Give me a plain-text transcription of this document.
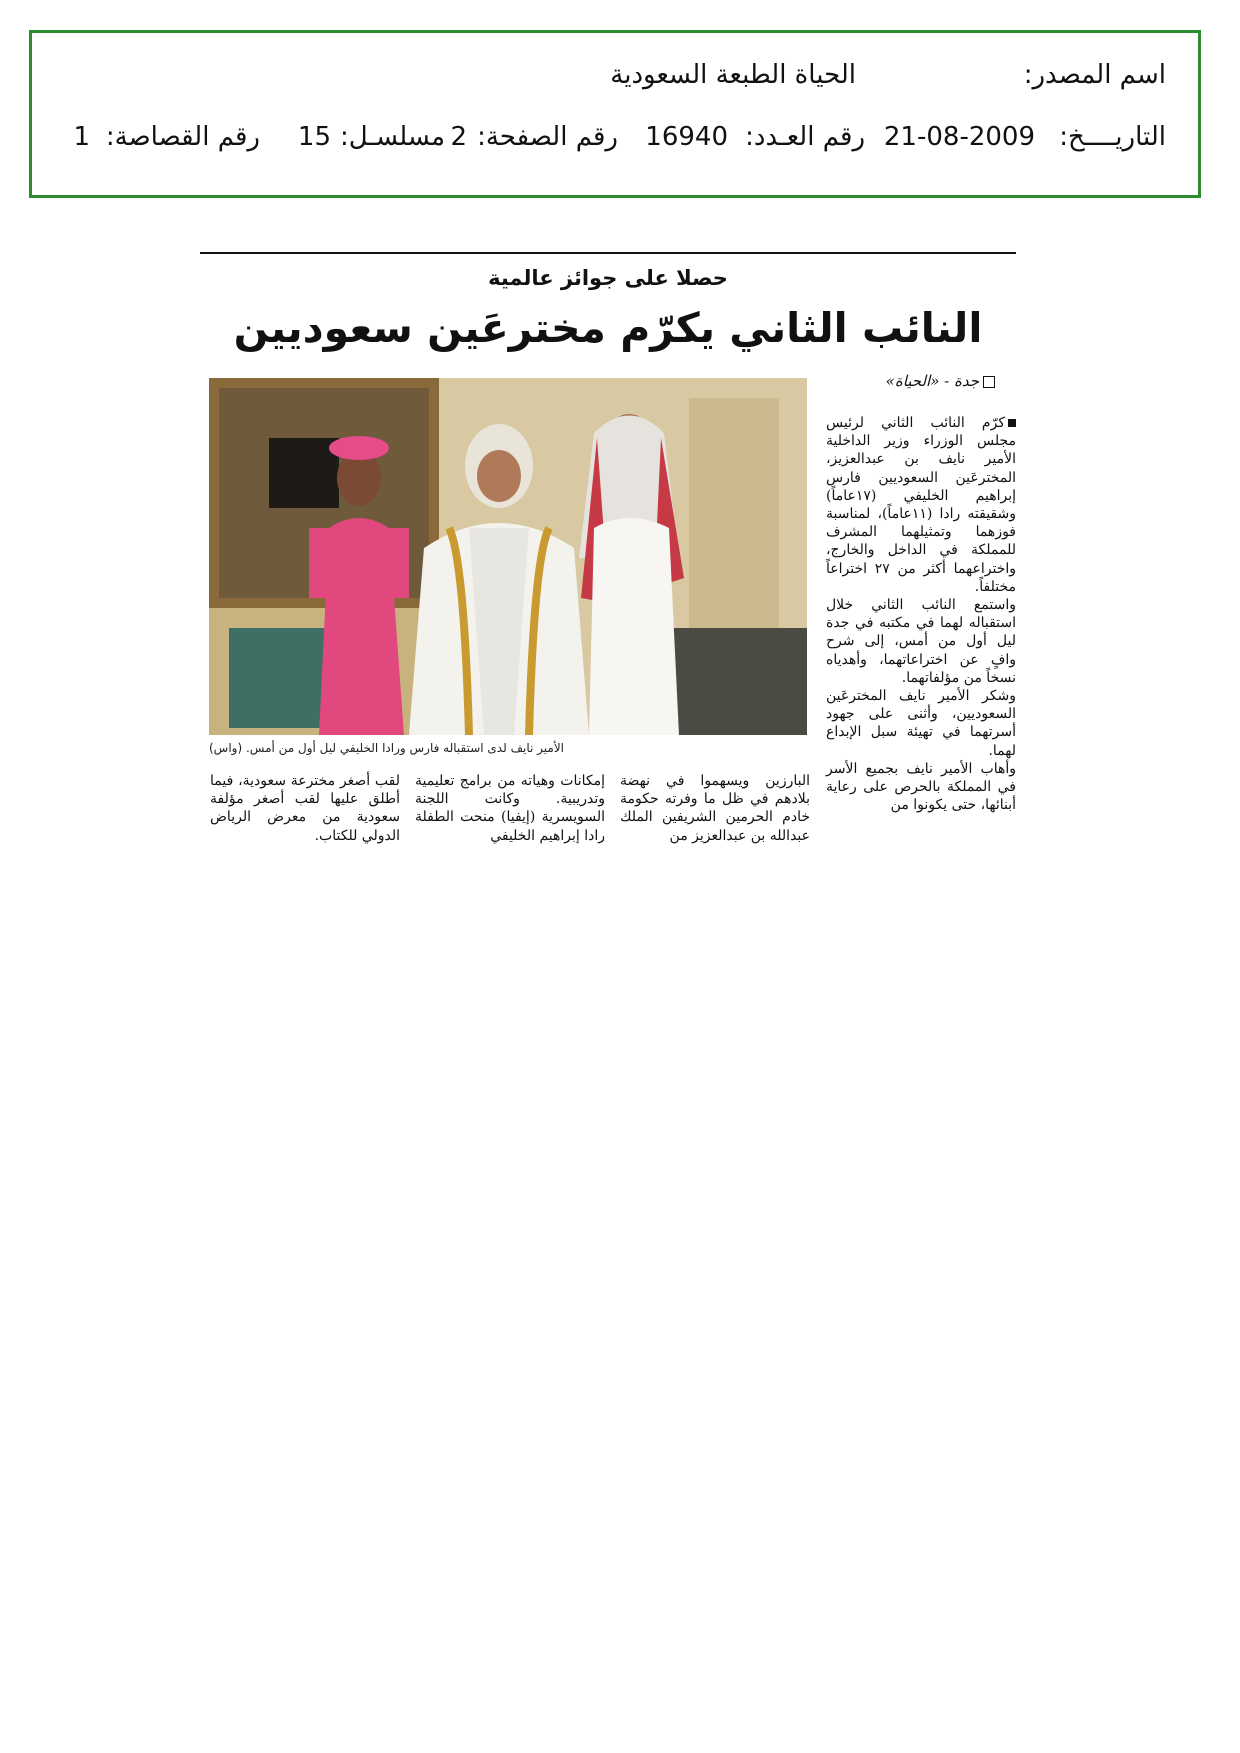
اسم المصدر:
الحياة الطبعة السعودية
التاريــــخ:
21-08-2009
رقم العـدد:
16940
رقم الصفحة:
2
مسلسـل:
15
رقم القصاصة:
1
حصلا على جوائز عالمية
النائب الثاني يكرّم مخترعَين سعوديين
جدة - «الحياة»

كرّم النائب الثاني لرئيس مجلس الوزراء وزير الداخلية الأمير نايف بن عبدالعزيز، المخترعَين السعوديين فارس إبراهيم الخليفي (١٧عاماً) وشقيقته رادا (١١عاماً)، لمناسبة فوزهما وتمثيلهما المشرف للمملكة في الداخل والخارج، واختراعهما أكثر من ٢٧ اختراعاً مختلفاً.

واستمع النائب الثاني خلال استقباله لهما في مكتبه في جدة ليل أول من أمس، إلى شرح وافٍ عن اختراعاتهما، وأهدياه نسخاً من مؤلفاتهما.

وشكر الأمير نايف المخترعَين السعوديين، وأثنى على جهود أسرتهما في تهيئة سبل الإبداع لهما.

وأهاب الأمير نايف بجميع الأسر في المملكة بالحرص على رعاية أبنائها، حتى يكونوا من

الأمير نايف لدى استقباله فارس ورادا الخليفي ليل أول من أمس. (واس)
البارزين ويسهموا في نهضة بلادهم في ظل ما وفرته حكومة خادم الحرمين الشريفين الملك عبدالله بن عبدالعزيز من
إمكانات وهياته من برامج تعليمية وتدريبية. وكانت اللجنة السويسرية (إيفيا) منحت الطفلة رادا إبراهيم الخليفي
لقب أصغر مخترعة سعودية، فيما أطلق عليها لقب أصغر مؤلفة سعودية من معرض الرياض الدولي للكتاب.
